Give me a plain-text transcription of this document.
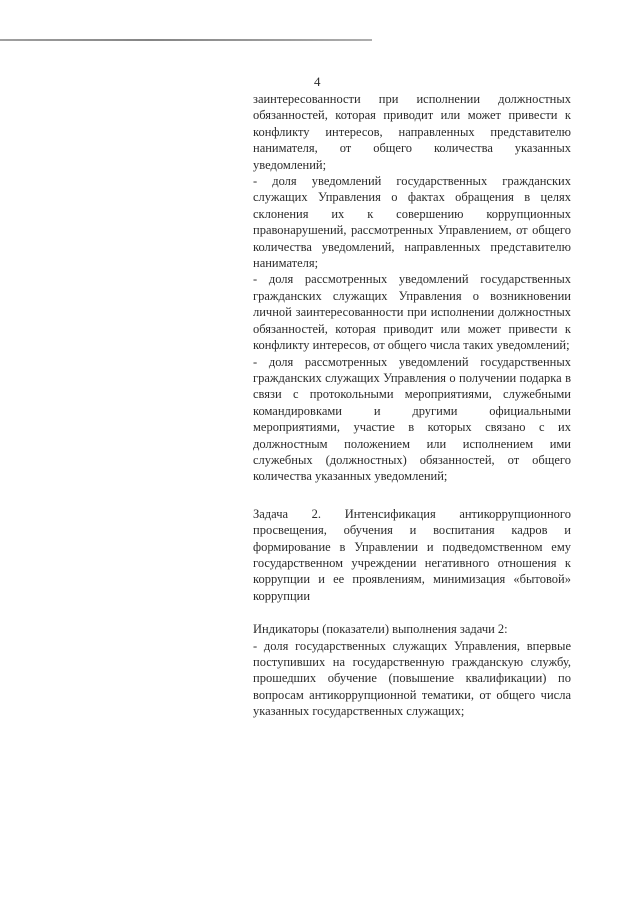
4

заинтересованности при исполнении должностных обязанностей, которая приводит или может привести к конфликту интересов, направленных представителю нанимателя, от общего количества указанных уведомлений;

- доля уведомлений государственных гражданских служащих Управления о фактах обращения в целях склонения их к совершению коррупционных правонарушений, рассмотренных Управлением, от общего количества уведомлений, направленных представителю нанимателя;

- доля рассмотренных уведомлений государственных гражданских служащих Управления о возникновении личной заинтересованности при исполнении должностных обязанностей, которая приводит или может привести к конфликту интересов, от общего числа таких уведомлений;

- доля рассмотренных уведомлений государственных гражданских служащих Управления о получении подарка в связи с протокольными мероприятиями, служебными командировками и другими официальными мероприятиями, участие в которых связано с их должностным положением или исполнением ими служебных (должностных) обязанностей, от общего количества указанных уведомлений;

Задача 2. Интенсификация антикоррупционного просвещения, обучения и воспитания кадров и формирование в Управлении и подведомственном ему государственном учреждении негативного отношения к коррупции и ее проявлениям, минимизация «бытовой» коррупции

Индикаторы (показатели) выполнения задачи 2:

- доля государственных служащих Управления, впервые поступивших на государственную гражданскую службу, прошедших обучение (повышение квалификации) по вопросам антикоррупционной тематики, от общего числа указанных государственных служащих;
